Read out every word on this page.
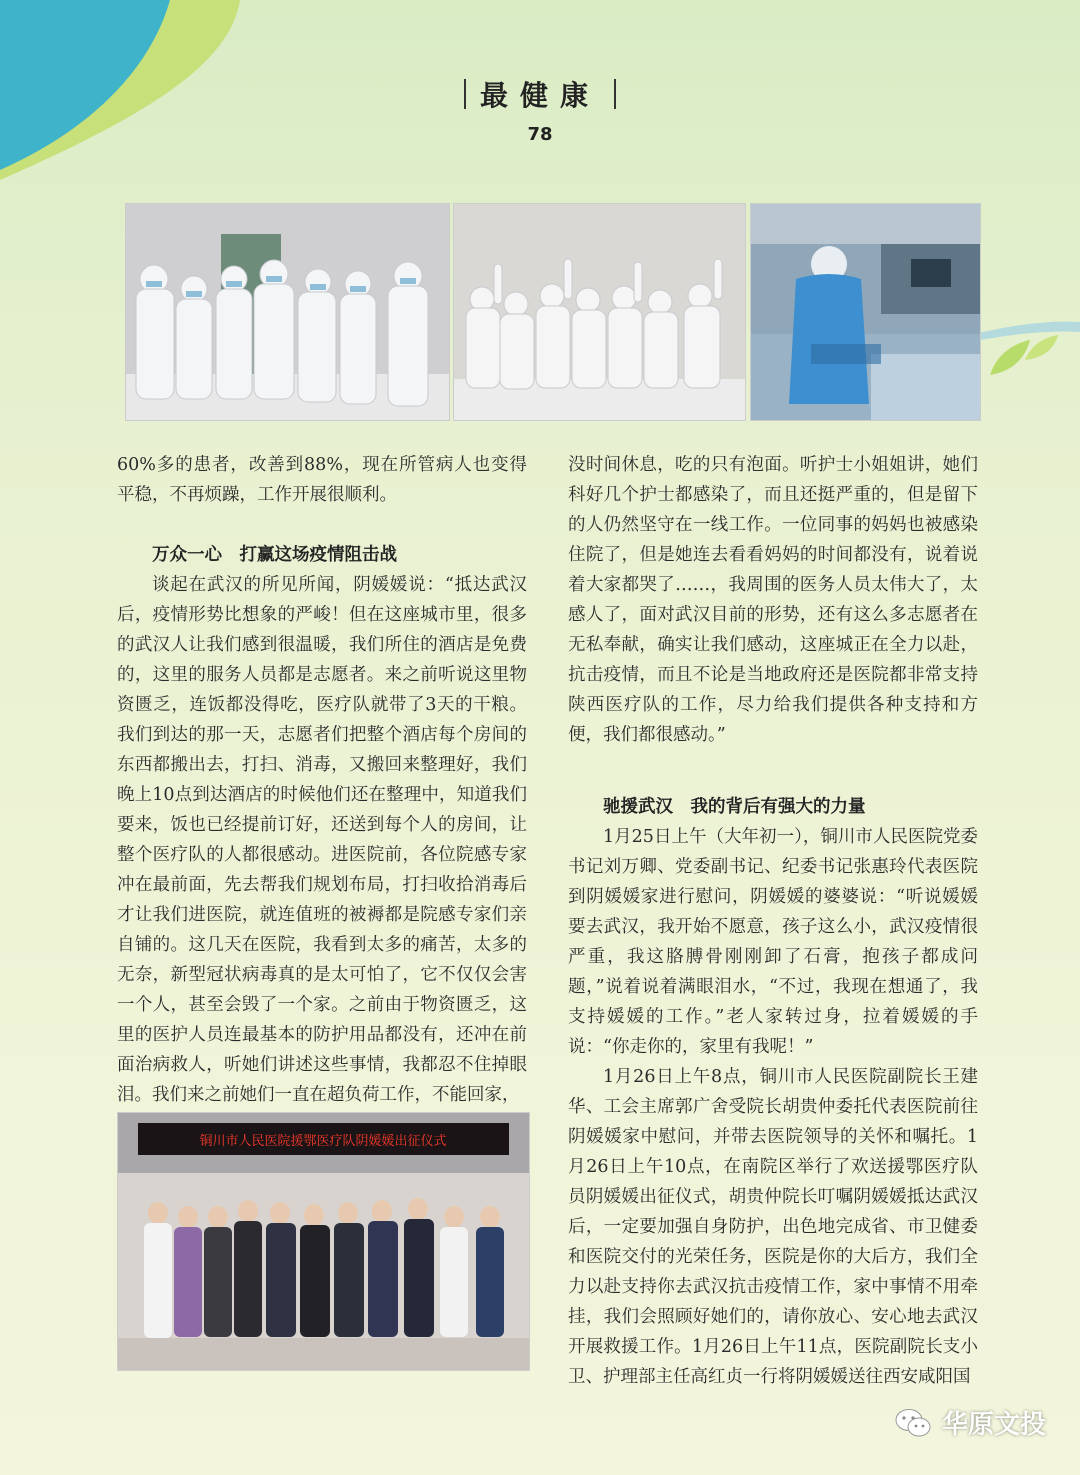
最健康
78

60%多的患者，改善到88%，现在所管病人也变得平稳，不再烦躁，工作开展很顺利。

万众一心　打赢这场疫情阻击战

谈起在武汉的所见所闻，阴媛媛说：“抵达武汉后，疫情形势比想象的严峻！但在这座城市里，很多的武汉人让我们感到很温暖，我们所住的酒店是免费的，这里的服务人员都是志愿者。来之前听说这里物资匮乏，连饭都没得吃，医疗队就带了3天的干粮。我们到达的那一天，志愿者们把整个酒店每个房间的东西都搬出去，打扫、消毒，又搬回来整理好，我们晚上10点到达酒店的时候他们还在整理中，知道我们要来，饭也已经提前订好，还送到每个人的房间，让整个医疗队的人都很感动。进医院前，各位院感专家冲在最前面，先去帮我们规划布局，打扫收拾消毒后才让我们进医院，就连值班的被褥都是院感专家们亲自铺的。这几天在医院，我看到太多的痛苦，太多的无奈，新型冠状病毒真的是太可怕了，它不仅仅会害一个人，甚至会毁了一个家。之前由于物资匮乏，这里的医护人员连最基本的防护用品都没有，还冲在前面治病救人，听她们讲述这些事情，我都忍不住掉眼泪。我们来之前她们一直在超负荷工作，不能回家，

铜川市人民医院援鄂医疗队阴媛媛出征仪式

没时间休息，吃的只有泡面。听护士小姐姐讲，她们科好几个护士都感染了，而且还挺严重的，但是留下的人仍然坚守在一线工作。一位同事的妈妈也被感染住院了，但是她连去看看妈妈的时间都没有，说着说着大家都哭了……，我周围的医务人员太伟大了，太感人了，面对武汉目前的形势，还有这么多志愿者在无私奉献，确实让我们感动，这座城正在全力以赴，抗击疫情，而且不论是当地政府还是医院都非常支持陕西医疗队的工作，尽力给我们提供各种支持和方便，我们都很感动。”

驰援武汉　我的背后有强大的力量

1月25日上午（大年初一），铜川市人民医院党委书记刘万卿、党委副书记、纪委书记张惠玲代表医院到阴媛媛家进行慰问，阴媛媛的婆婆说：“听说媛媛要去武汉，我开始不愿意，孩子这么小，武汉疫情很严重，我这胳膊骨刚刚卸了石膏，抱孩子都成问题，”说着说着满眼泪水，“不过，我现在想通了，我支持媛媛的工作。”老人家转过身，拉着媛媛的手说：“你走你的，家里有我呢！”

1月26日上午8点，铜川市人民医院副院长王建华、工会主席郭广舍受院长胡贵仲委托代表医院前往阴媛媛家中慰问，并带去医院领导的关怀和嘱托。1月26日上午10点，在南院区举行了欢送援鄂医疗队员阴媛媛出征仪式，胡贵仲院长叮嘱阴媛媛抵达武汉后，一定要加强自身防护，出色地完成省、市卫健委和医院交付的光荣任务，医院是你的大后方，我们全力以赴支持你去武汉抗击疫情工作，家中事情不用牵挂，我们会照顾好她们的，请你放心、安心地去武汉开展救援工作。1月26日上午11点，医院副院长支小卫、护理部主任高红贞一行将阴媛媛送往西安咸阳国

华原文投
